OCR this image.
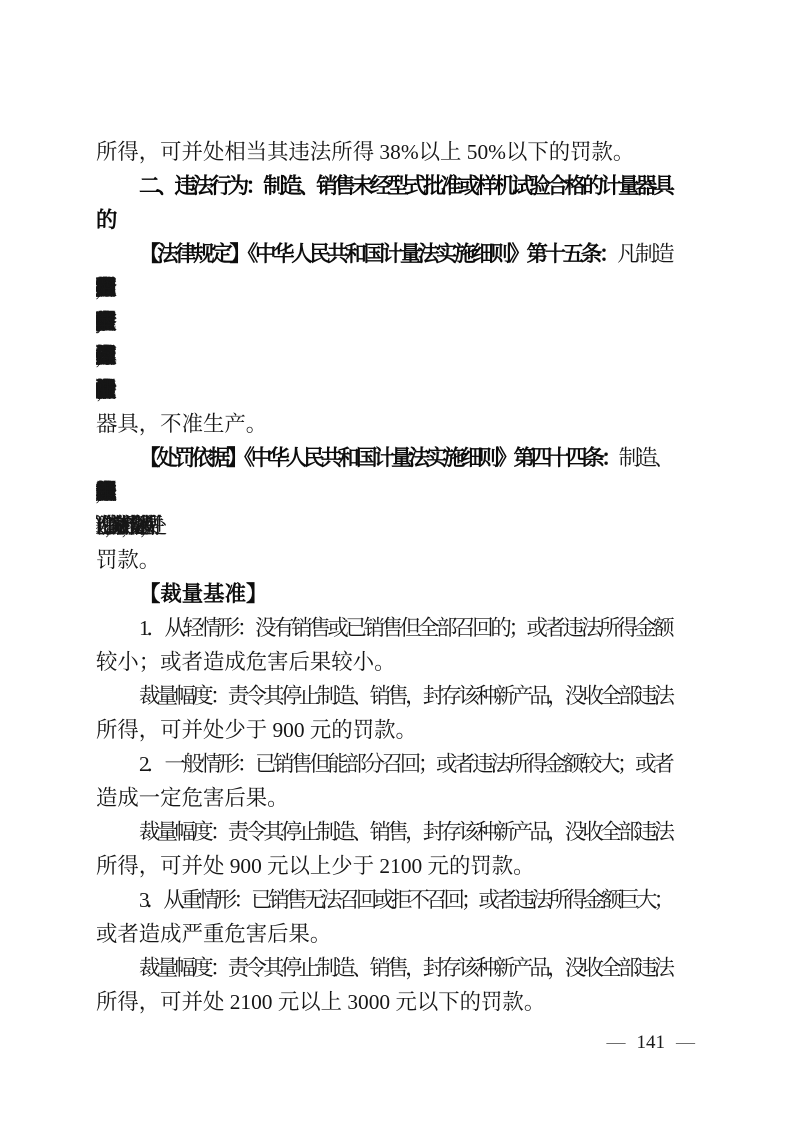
所得，可并处相当其违法所得 38%以上 50%以下的罚款。
二、违法行为：制造、销售未经型式批准或样机试验合格的计量器具
的
【法律规定】《中华人民共和国计量法实施细则》第十五条：凡制造
器具，不准生产。
【处罚依据】《中华人民共和国计量法实施细则》第四十四条：制造、
罚款。
【裁量基准】
1．从轻情形：没有销售或已销售但全部召回的；或者违法所得金额
较小；或者造成危害后果较小。
裁量幅度：责令其停止制造、销售，封存该种新产品，没收全部违法
所得，可并处少于 900 元的罚款。
2．一般情形：已销售但能部分召回；或者违法所得金额较大；或者
造成一定危害后果。
裁量幅度：责令其停止制造、销售，封存该种新产品，没收全部违法
所得，可并处 900 元以上少于 2100 元的罚款。
3．从重情形：已销售无法召回或拒不召回；或者违法所得金额巨大；
或者造成严重危害后果。
裁量幅度：责令其停止制造、销售，封存该种新产品，没收全部违法
所得，可并处 2100 元以上 3000 元以下的罚款。
— 141 —
